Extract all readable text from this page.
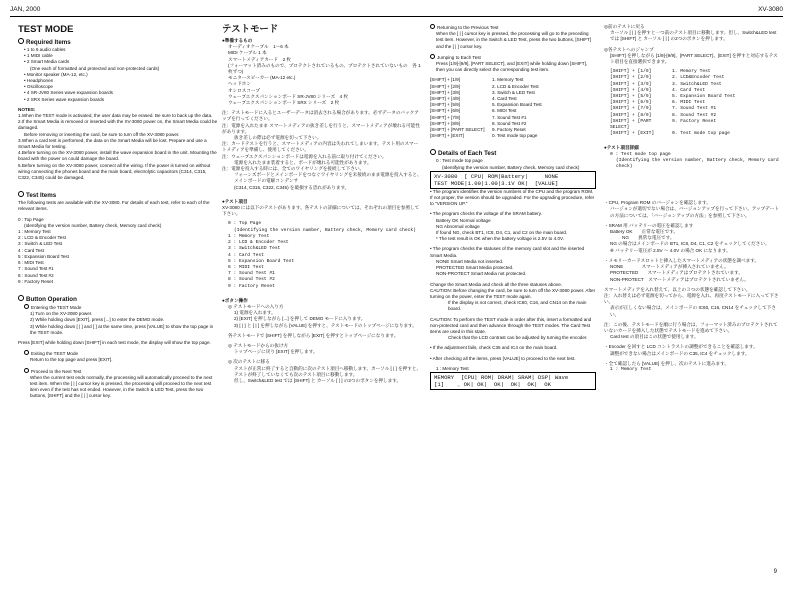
JAN, 2000	XV-3080

TEST MODE

Required Items

• 1 to 6 audio cables

• 1 MIDI cable

• 2 Smart Media cards

(One each of formatted and protected and non-protected cards)

• Monitor speaker (MA-12, etc.)

• Headphones

• Oscilloscope

• 4 SR-JV80 Series wave expansion boards

• 2 SRX Series wave expansion boards

NOTES:

1.When the TEST mode is activated, the user data may be erased. Be sure to back up the data.

2.If the Smart Media is removed or inserted with the XV-3080 power on, the Smart Media could be damaged.

Before removing or inserting the card, be sure to turn off the XV-3080 power.

3.When a card test is performed, the data on the Smart Media will be lost. Prepare and use a Smart Media for testing.

4.Before turning on the XV-3080 power, install the wave expansion board in the unit. Mounting the board with the power on could damage the board.

5.Before turning on the XV-3080 power, connect all the wiring. If the power is turned on without wiring connecting the phones board and the main board, electrolytic capacitors (C314, C315, C322, C345) could be damaged.

Test Items

The following tests are available with the XV-3080. For details of each test, refer to each of the relevant items.

0 : Top Page

(Identifying the version number, Battery check, Memory card check)

1 : Memory Test

2 : LCD & Encoder Test

3 : Switch & LED Test

4 : Card Test

5 : Expansion Board Test

6 : MIDI Test

7 : Sound Test #1

8 : Sound Test #2

9 : Factory Reset

Button Operation

Entering the TEST Mode

1) Turn on the XV-3080 power.

2) While holding down [EXIT], press [...] to enter the DEMO mode.

3) While holding down [ | ] and [ ] at the same time, press [VALUE] to show the top page in the TEST mode.

Press [EXIT] while holding down [SHIFT] in each test mode, the display will show the top page.

Exiting the TEST Mode

Return to the top page and press [EXIT].

Proceed to the Next Test

When the current test ends normally, the processing will automatically proceed to the next test item. When the [ | ] cursor key is pressed, the processing will proceed to the next test item even if the test has not ended. However, in the Switch & LED Test, press the two buttons, [SHIFT] and the [ | ] cursor key.

テストモード

●準備するもの

オーディオケーブル　1〜6 本

MIDI ケーブル 1 本

スマートメディアカード　2 枚

(フォーマット済みのもので、プロテクトされているもの、プロテクトされていないもの　各 1 枚ずつ)

モニタースピーカー (MA-12 etc.)

ヘッドホン

オシロスコープ

ウェーブエクスパンションボード SR-JV80 シリーズ　4 枚

ウェーブエクスパンションボード SRX シリーズ　2 枚

注：テストモードに入るとユーザーデータは消去される場合があります。必ずデータのバックアップを行ってください。

注：電源を入れたまま スマートメディアの抜き差しを行うと、スマートメディアが壊れる可能性があります。

抜き差しの際は必ず電源を切って下さい。

注：カードテストを行うと、スマートメディアの内容は失われてしまいます。テスト用のスマートメディアを準備し、使用してください。

注：ウェーブエクスパンションボードは電源を入れる前に取り付けてください。

電源を入れたまま装着すると、ボードが壊れる可能性があります。

注：電源を投入する時には、全てのワイヤリングを接続して下さい。

フォーンズボードとメインボードをつなぐワイヤリングを未接続のまま電源を投入すると、メインボードの電解コンデンサ

(C314, C315, C322, C345) を破損する恐れがあります。

●テスト項目

XV-3080 には以下のテストがあります。各テストの詳細については、それぞれの項目を参照して下さい。

0 : Top Page

(Identifying the version number, Battery check, Memory card check)

1 : Memory Test

2 : LCD & Encoder Test

3 : Switch&LED Test

4 : Card Test

5 : Expansion Board Test

6 : MIDI Test

7 : Sound Test #1

8 : Sound Test #2

9 : Factory Reset

●ボタン操作

◎ テストモードへの入り方

1) 電源を入れます。

2) [EXIT] を押しながら [...] を押して DEMO モードに入ります。

3) [ | ] と [ | ] を押しながら [VALUE] を押すと、テストモードのトップページになります。

各テストモードで [SHIFT] を押しながら [EXIT] を押すとトップページになります。

◎ テストモードからの抜け方

トップページに戻り [EXIT] を押します。

◎ 次のテストに移る

テストが正常に終了すると自動的に次のテスト項目へ移動します。カーソル [ | ] を押すと、テストが終了していなくても次のテスト項目に移動します。

但し、Switch&LED test では [SHIFT] と カーソル [ | ] の2つのボタンを押します。

Returning to the Previous Test

When the [ | ] cursor key is pressed, the processing will go to the preceding test item. However, in the Switch & LED Test, press the two buttons, [SHIFT] and the [ | ] cursor key.

Jumping to Each Test

Press [1/9]-[9/9], [PART SELECT], and [EXIT] while holding down [SHIFT], then you can directly select the corresponding test item.

[SHIFT] + [1/9]	1. Memory Test
[SHIFT] + [2/9]	2. LCD & Encoder Test
[SHIFT] + [3/9]	3. Switch & LED Test
[SHIFT] + [4/9]	4. Card Test
[SHIFT] + [5/9]	5. Expansion Board Test
[SHIFT] + [6/9]	6. MIDI Test
[SHIFT] + [7/9]	7. Sound Test #1
[SHIFT] + [8/9]	8. Sound Test #2
[SHIFT] + [PART SELECT]	9. Factory Reset
[SHIFT] + [EXIT]	0. Test mode top page

Details of Each Test

0 : Test mode top page

(Identifying the version number, Battery check, Memory card check)

XV-3080  [ CPU| ROM|Battery|     NONE
TEST MODE|1.00|1.00|3.1V OK|  [VALUE]

• The program identifies the version numbers of the CPU and the program ROM. If not proper, the version should be upgraded. For the upgrading procedure, refer to "VERSION UP."

• The program checks the voltage of the SRAM battery.

Battery OK Normal voltage

NG Abnormal voltage

If found NG, check BT1, IC8, D4, C1, and C2 on the main board.

* The test result is OK when the battery voltage is 2.5V to 4.0V.

• The program checks the statuses of the memory card slot and the inserted Smart Media.

NONE Smart Media not inserted.

PROTECTED Smart Media protected.

NON-PROTECT Smart Media not protected.

Change the Smart Media and check all the three statuses above.

CAUTION: Before changing the card, be sure to turn off the XV-3080 power. After turning on the power, enter the TEST mode again.

If the display is not correct, check IC60, C16, and CN14 on the main board.

CAUTION: To perform the TEST mode in order after this, insert a formatted and non-protected card and then advance through the TEST modes. The Card Test items are used in this state.

Check that the LCD contrast can be adjusted by turning the encoder.

• If the adjustment fails, check C35 and IC4 on the main board.

• After checking all the items, press [VALUE] to proceed to the next test.

1 : Memory Test

MEMORY  [CPU| ROM| DRAM| SRAM| DSP| Wave
[1]    ｡ OK| OK|  OK|  OK|  OK|  OK

◎前のテストに戻る

カーソル [ | ] を押すと一つ前のテスト項目に移動します。但し、Switch&LED test では [SHIFT] と カーソル [ | ] の2つのボタンを押します。

◎各テストへのジャンプ

[SHIFT] を押しながら [1/9]-[9/9]、[PART SELECT]、[EXIT] を押すと対応するテスト項目を直接選択できます。

[SHIFT] + [1/9]	1. Memory Test
[SHIFT] + [2/9]	2. LCD&Encoder Test
[SHIFT] + [3/9]	3. Switch&LED Test
[SHIFT] + [4/9]	4. Card Test
[SHIFT] + [5/9]	5. Expansion Board Test
[SHIFT] + [6/9]	6. MIDI Test
[SHIFT] + [7/9]	7. Sound Test #1
[SHIFT] + [8/9]	8. Sound Test #2
[SHIFT] + [PART SELECT]
9. Factory Reset
[SHIFT] + [EXIT]	0. Test mode top page

●テスト項目詳細

0 : Test mode top page

(Identifying the version number, Battery check, Memory card check)

・CPU, Program ROM のバージョンを確認します。

バージョンが適切でない場合は、バージョンアップを行って下さい。アップデートの方法については、「バージョンアップの方法」を参照して下さい。

・SRAM 用 バッテリーの電圧を確認します

Battery OK　　正常な電圧です。

NG　　異常な電圧です。

NG の場合はメインボードの BT1, IC8, D4, C1, C2 をチェックしてください。

※ バッテリー電圧が 2.5V 〜 4.0V の場合 OK になります。

・メモリーカードスロットと挿入したスマートメディアの状態を調べます。

NONE　　　　スマートメディアが挿入されていません。

PROTECTED　　スマートメディアはプロテクトされています。

NON-PROTECT　スマートメディアはプロテクトされていません。

スマートメディアを入れ替えて、以上の３つの状態を確認して下さい。

注：入れ替えは必ず電源を切ってから、電源を入れ、再度テストモードに入って下さい。

表示が正しくない場合は、メインボードの IC60, C16, CN14 をチェックして下さい。

注：この後、テストモードを順に行う場合は、フォーマット済みのプロテクトされていないカードを挿入した状態でテストモードを進めて下さい。

Card test の項目はこの状態で使用します。

・Encoder を回すと LCD コントラストの調整ができることを確認します。

調整ができない場合はメインボードの C35, IC4 をチェックします。

・全て確認したら [VALUE] を押し、次のテストに進みます。

1 : Memory Test

9
